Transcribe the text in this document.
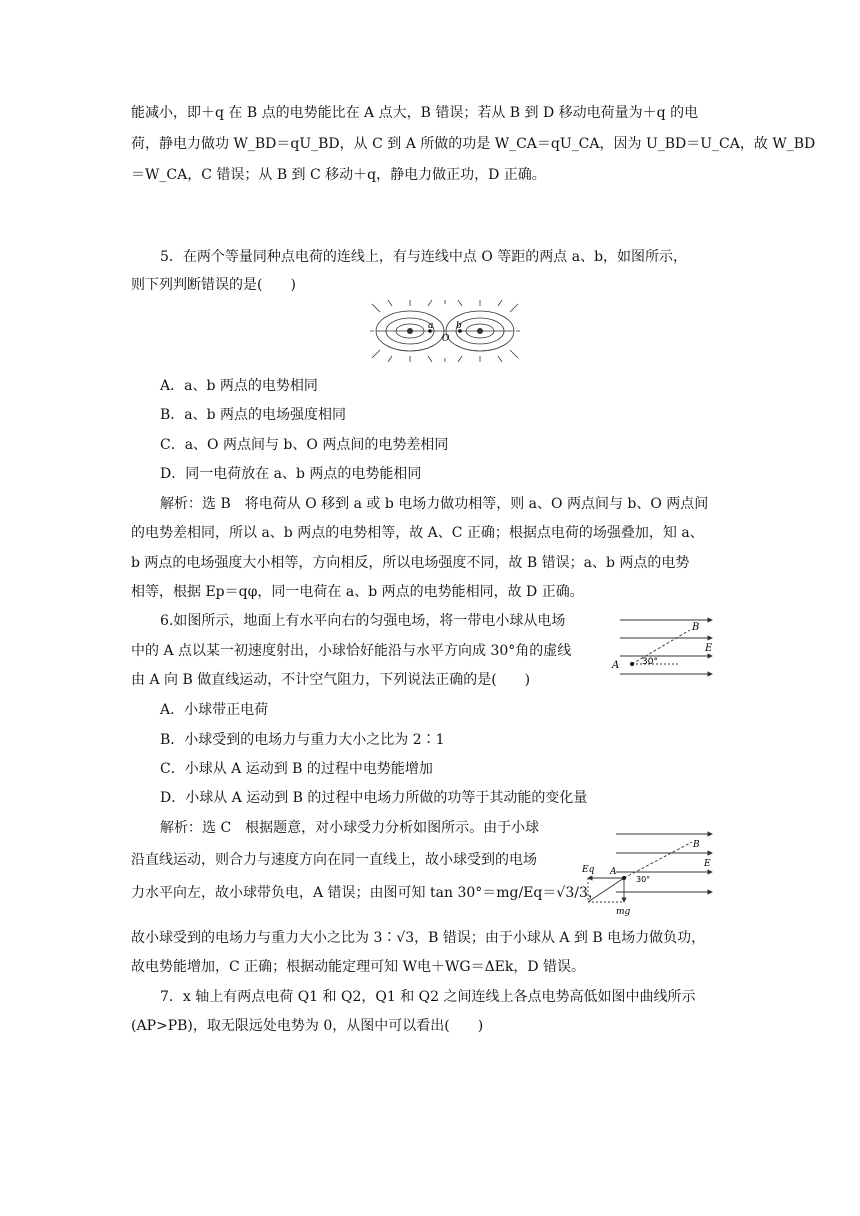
能减小，即＋q 在 B 点的电势能比在 A 点大，B 错误；若从 B 到 D 移动电荷量为＋q 的电
荷，静电力做功 W_BD＝qU_BD，从 C 到 A 所做的功是 W_CA＝qU_CA，因为 U_BD＝U_CA，故 W_BD
＝W_CA，C 错误；从 B 到 C 移动＋q，静电力做正功，D 正确。
5．在两个等量同种点电荷的连线上，有与连线中点 O 等距的两点 a、b，如图所示，
则下列判断错误的是(　　)
a	b
O
A．a、b 两点的电势相同
B．a、b 两点的电场强度相同
C．a、O 两点间与 b、O 两点间的电势差相同
D．同一电荷放在 a、b 两点的电势能相同
解析：选 B　将电荷从 O 移到 a 或 b 电场力做功相等，则 a、O 两点间与 b、O 两点间
的电势差相同，所以 a、b 两点的电势相等，故 A、C 正确；根据点电荷的场强叠加，知 a、
b 两点的电场强度大小相等，方向相反，所以电场强度不同，故 B 错误；a、b 两点的电势
相等，根据 Ep＝qφ，同一电荷在 a、b 两点的电势能相同，故 D 正确。
6.如图所示，地面上有水平向右的匀强电场，将一带电小球从电场
中的 A 点以某一初速度射出，小球恰好能沿与水平方向成 30°角的虚线
由 A 向 B 做直线运动，不计空气阻力，下列说法正确的是(　　)
A
B
E
30°
A．小球带正电荷
B．小球受到的电场力与重力大小之比为 2∶1
C．小球从 A 运动到 B 的过程中电势能增加
D．小球从 A 运动到 B 的过程中电场力所做的功等于其动能的变化量
解析：选 C　根据题意，对小球受力分析如图所示。由于小球
沿直线运动，则合力与速度方向在同一直线上，故小球受到的电场
力水平向左，故小球带负电，A 错误；由图可知 tan 30°＝mg/Eq＝√3/3，
Eq A
B
E
30°
mg
故小球受到的电场力与重力大小之比为 3∶√3，B 错误；由于小球从 A 到 B 电场力做负功，
故电势能增加，C 正确；根据动能定理可知 W电＋WG＝ΔEk，D 错误。
7．x 轴上有两点电荷 Q1 和 Q2，Q1 和 Q2 之间连线上各点电势高低如图中曲线所示
(AP>PB)，取无限远处电势为 0，从图中可以看出(　　)
